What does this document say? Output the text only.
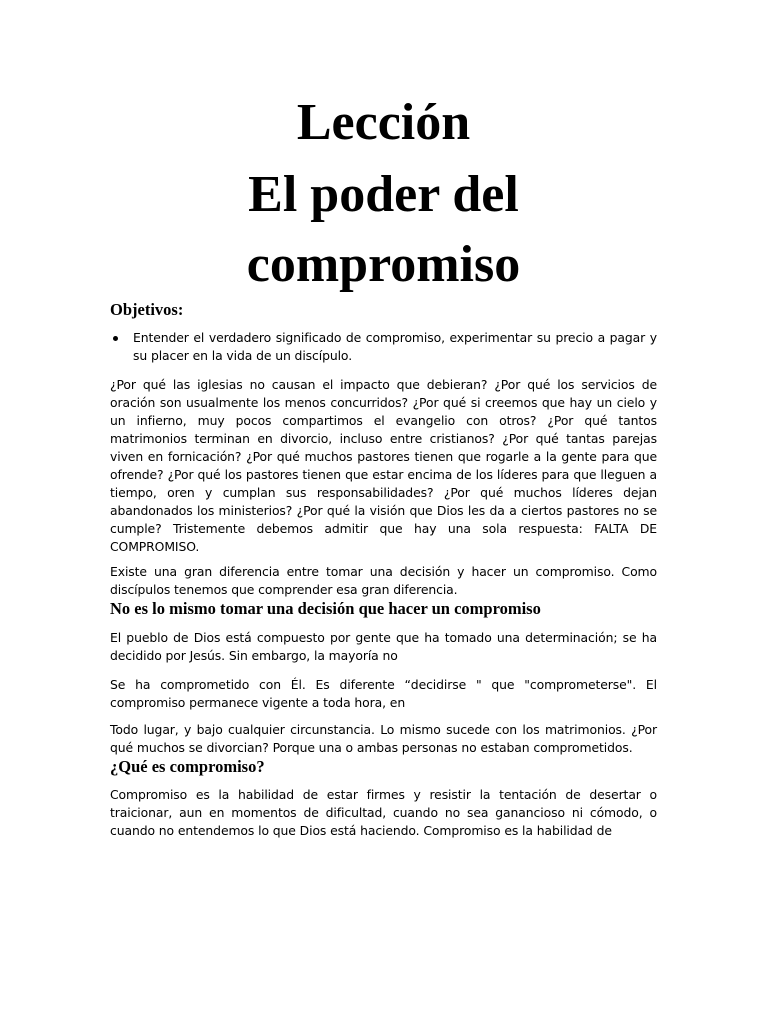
Lección
El poder del
compromiso
Objetivos:
Entender el verdadero significado de compromiso, experimentar su precio a pagar y su placer en la vida de un discípulo.

¿Por qué las iglesias no causan el impacto que debieran? ¿Por qué los servicios de oración son usualmente los menos concurridos? ¿Por qué si creemos que hay un cielo y un infierno, muy pocos compartimos el evangelio con otros? ¿Por qué tantos matrimonios terminan en divorcio, incluso entre cristianos? ¿Por qué tantas parejas viven en fornicación? ¿Por qué muchos pastores tienen que rogarle a la gente para que ofrende? ¿Por qué los pastores tienen que estar encima de los líderes para que lleguen a tiempo, oren y cumplan sus responsabilidades? ¿Por qué muchos líderes dejan abandonados los ministerios? ¿Por qué la visión que Dios les da a ciertos pastores no se cumple? Tristemente debemos admitir que hay una sola respuesta: FALTA DE COMPROMISO.

Existe una gran diferencia entre tomar una decisión y hacer un compromiso. Como discípulos tenemos que comprender esa gran diferencia.

No es lo mismo tomar una decisión que hacer un compromiso

El pueblo de Dios está compuesto por gente que ha tomado una determinación; se ha decidido por Jesús. Sin embargo, la mayoría no

Se ha comprometido con Él. Es diferente “decidirse " que "comprometerse". El compromiso permanece vigente a toda hora, en

Todo lugar, y bajo cualquier circunstancia. Lo mismo sucede con los matrimonios. ¿Por qué muchos se divorcian? Porque una o ambas personas no estaban comprometidos.

¿Qué es compromiso?

Compromiso es la habilidad de estar firmes y resistir la tentación de desertar o traicionar, aun en momentos de dificultad, cuando no sea ganancioso ni cómodo, o cuando no entendemos lo que Dios está haciendo. Compromiso es la habilidad de
